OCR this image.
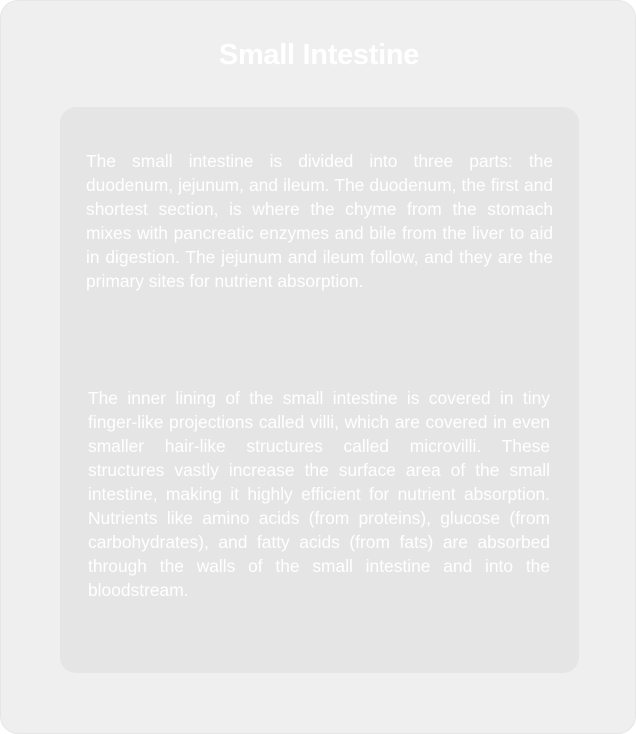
Small Intestine

The small intestine is divided into three parts: the duodenum, jejunum, and ileum. The duodenum, the first and shortest section, is where the chyme from the stomach mixes with pancreatic enzymes and bile from the liver to aid in digestion. The jejunum and ileum follow, and they are the primary sites for nutrient absorption.

The inner lining of the small intestine is covered in tiny finger-like projections called villi, which are covered in even smaller hair-like structures called microvilli. These structures vastly increase the surface area of the small intestine, making it highly efficient for nutrient absorption. Nutrients like amino acids (from proteins), glucose (from carbohydrates), and fatty acids (from fats) are absorbed through the walls of the small intestine and into the bloodstream.
